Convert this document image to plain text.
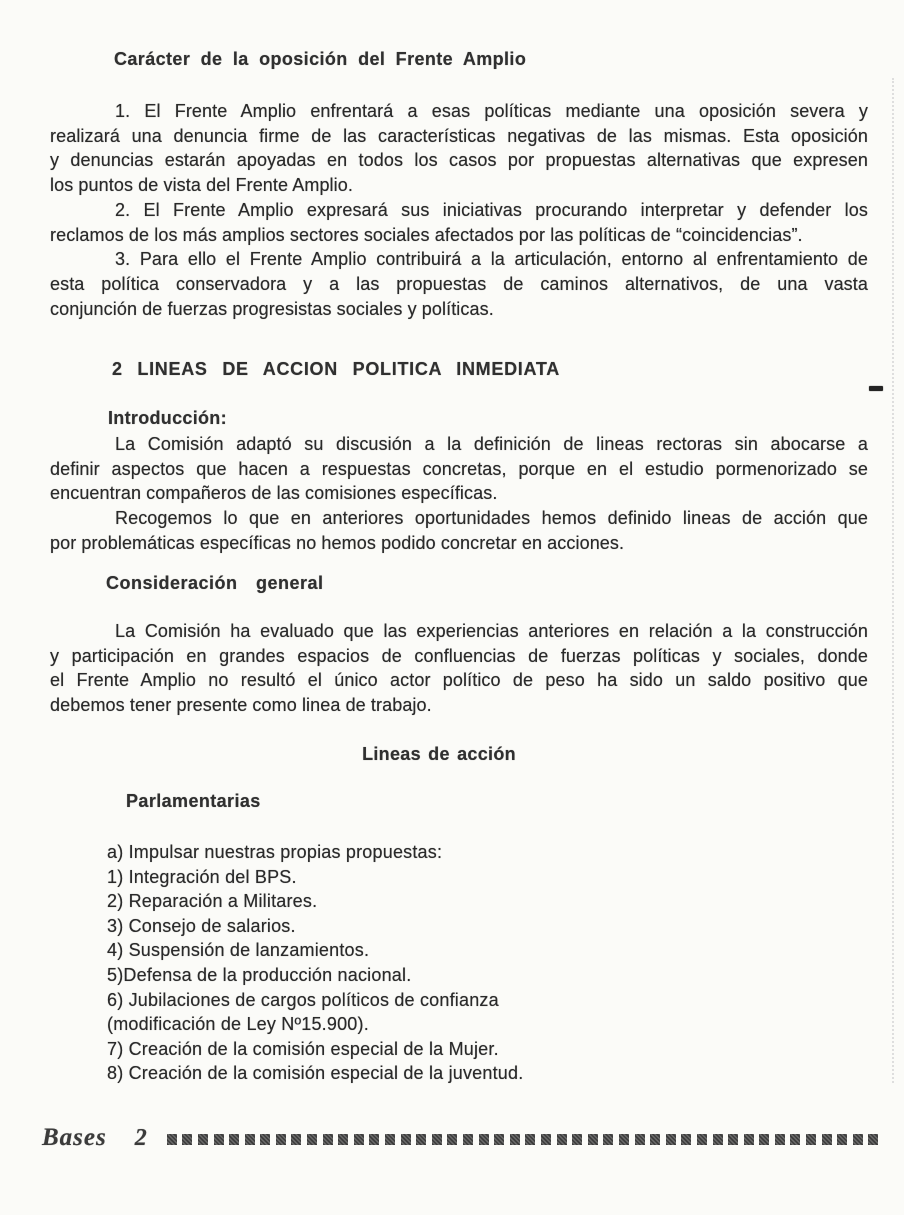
Carácter de la oposición del Frente Amplio
1. El Frente Amplio enfrentará a esas políticas mediante una oposición severa y
realizará una denuncia firme de las características negativas de las mismas. Esta oposición
y denuncias estarán apoyadas en todos los casos por propuestas alternativas que expresen
los puntos de vista del Frente Amplio.
2. El Frente Amplio expresará sus iniciativas procurando interpretar y defender los
reclamos de los más amplios sectores sociales afectados por las políticas de “coincidencias”.
3. Para ello el Frente Amplio contribuirá a la articulación, entorno al enfrentamiento de
esta política conservadora y a las propuestas de caminos alternativos, de una vasta
conjunción de fuerzas progresistas sociales y políticas.
2 LINEAS DE ACCION POLITICA INMEDIATA
Introducción:
La Comisión adaptó su discusión a la definición de lineas rectoras sin abocarse a
definir aspectos que hacen a respuestas concretas, porque en el estudio pormenorizado se
encuentran compañeros de las comisiones específicas.
Recogemos lo que en anteriores oportunidades hemos definido lineas de acción que
por problemáticas específicas no hemos podido concretar en acciones.
Consideración general
La Comisión ha evaluado que las experiencias anteriores en relación a la construcción
y participación en grandes espacios de confluencias de fuerzas políticas y sociales, donde
el Frente Amplio no resultó el único actor político de peso ha sido un saldo positivo que
debemos tener presente como linea de trabajo.
Lineas de acción
Parlamentarias
a) Impulsar nuestras propias propuestas:
1) Integración del BPS.
2) Reparación a Militares.
3) Consejo de salarios.
4) Suspensión de lanzamientos.
5)Defensa de la producción nacional.
6) Jubilaciones de cargos políticos de confianza
(modificación de Ley Nº15.900).
7) Creación de la comisión especial de la Mujer.
8) Creación de la comisión especial de la juventud.
Bases 2
